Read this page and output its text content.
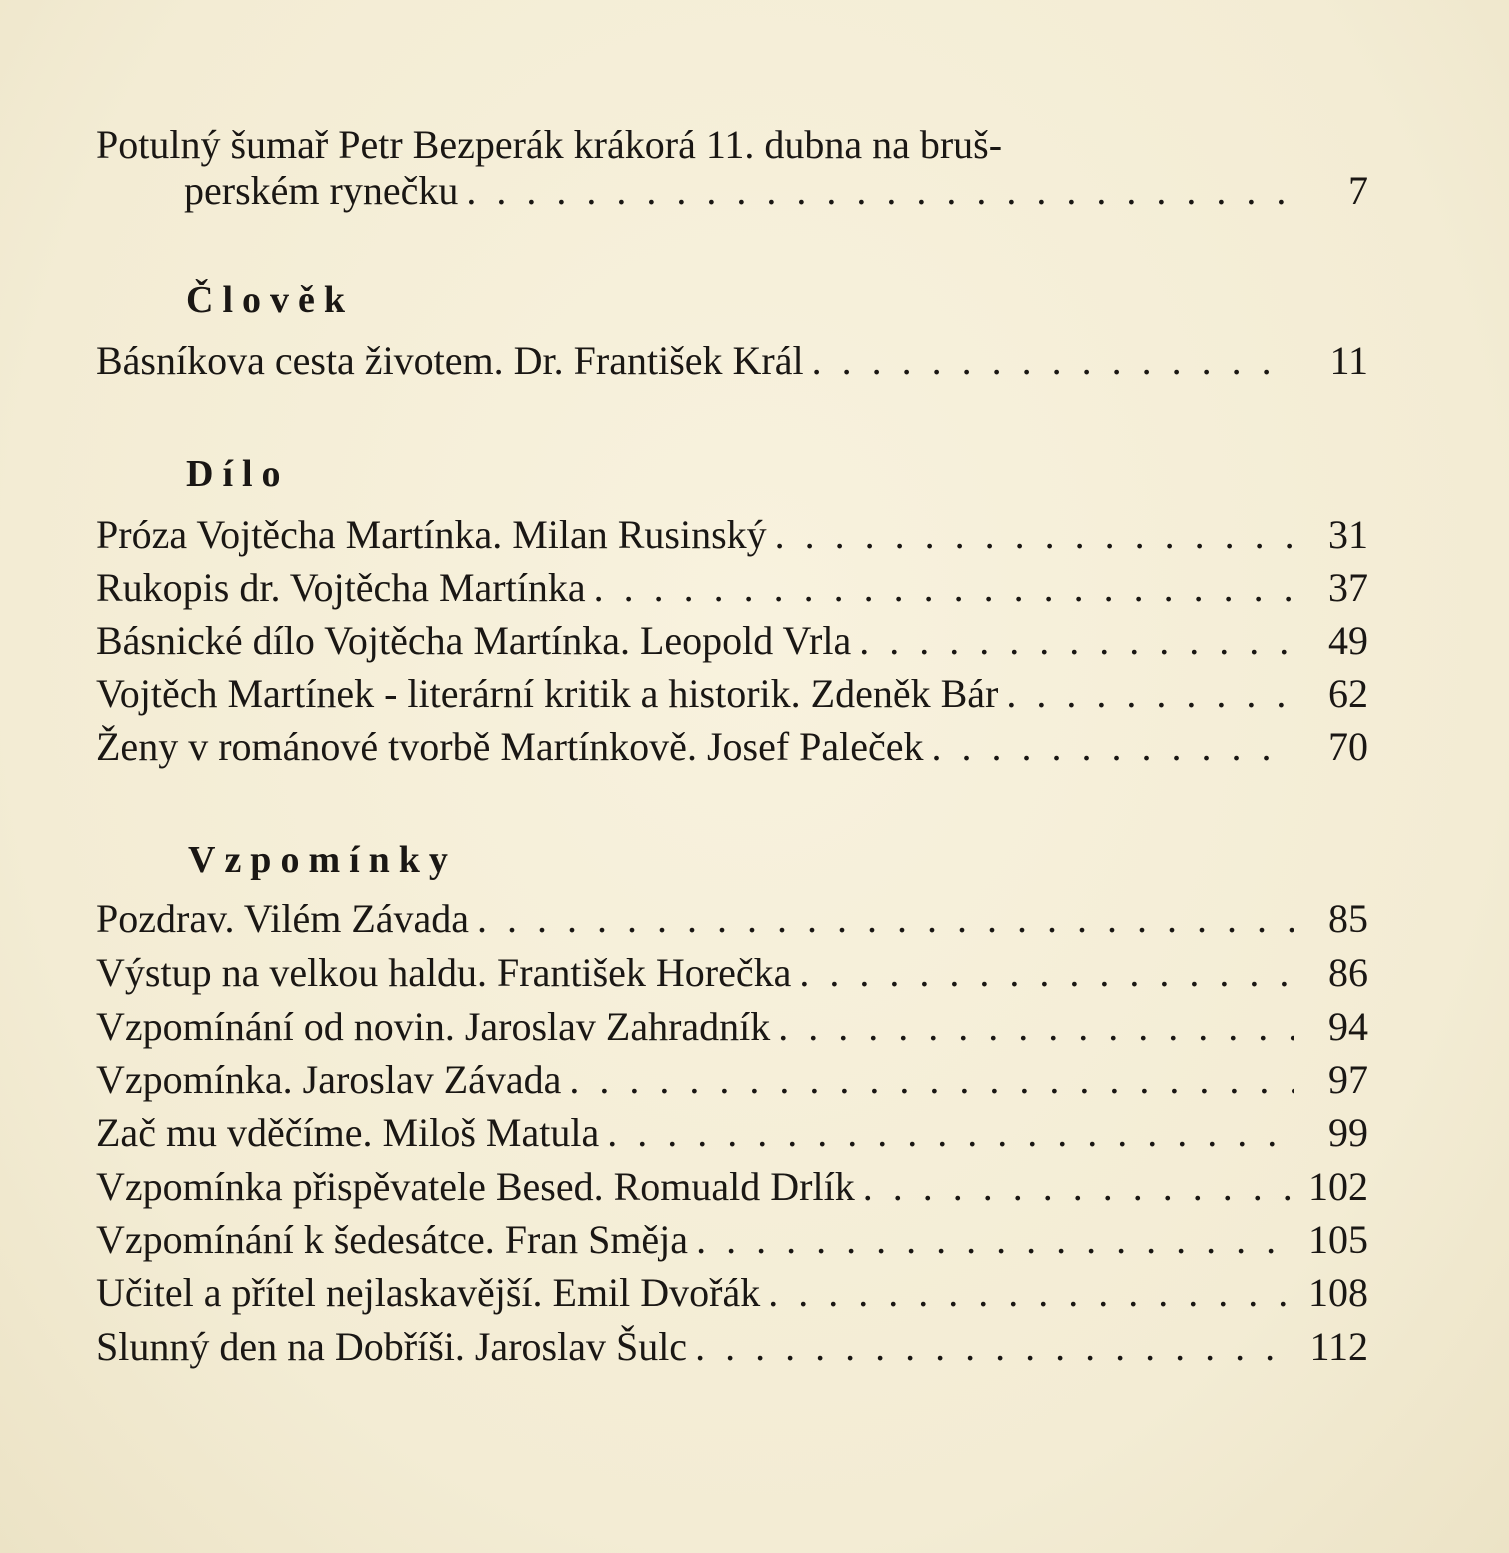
Potulný šumař Petr Bezperák krákorá 11. dubna na bruš-
perském rynečku . .	7
Člověk
Básníkova cesta životem. Dr. František Král . .	11
Dílo
Próza Vojtěcha Martínka. Milan Rusinský . .	31
Rukopis dr. Vojtěcha Martínka . .	37
Básnické dílo Vojtěcha Martínka. Leopold Vrla . .	49
Vojtěch Martínek - literární kritik a historik. Zdeněk Bár . .	62
Ženy v románové tvorbě Martínkově. Josef Paleček . .	70
Vzpomínky
Pozdrav. Vilém Závada . .	85
Výstup na velkou haldu. František Horečka . .	86
Vzpomínání od novin. Jaroslav Zahradník . .	94
Vzpomínka. Jaroslav Závada . .	97
Zač mu vděčíme. Miloš Matula . .	99
Vzpomínka přispěvatele Besed. Romuald Drlík . .	102
Vzpomínání k šedesátce. Fran Směja . .	105
Učitel a přítel nejlaskavější. Emil Dvořák . .	108
Slunný den na Dobříši. Jaroslav Šulc . .	112
